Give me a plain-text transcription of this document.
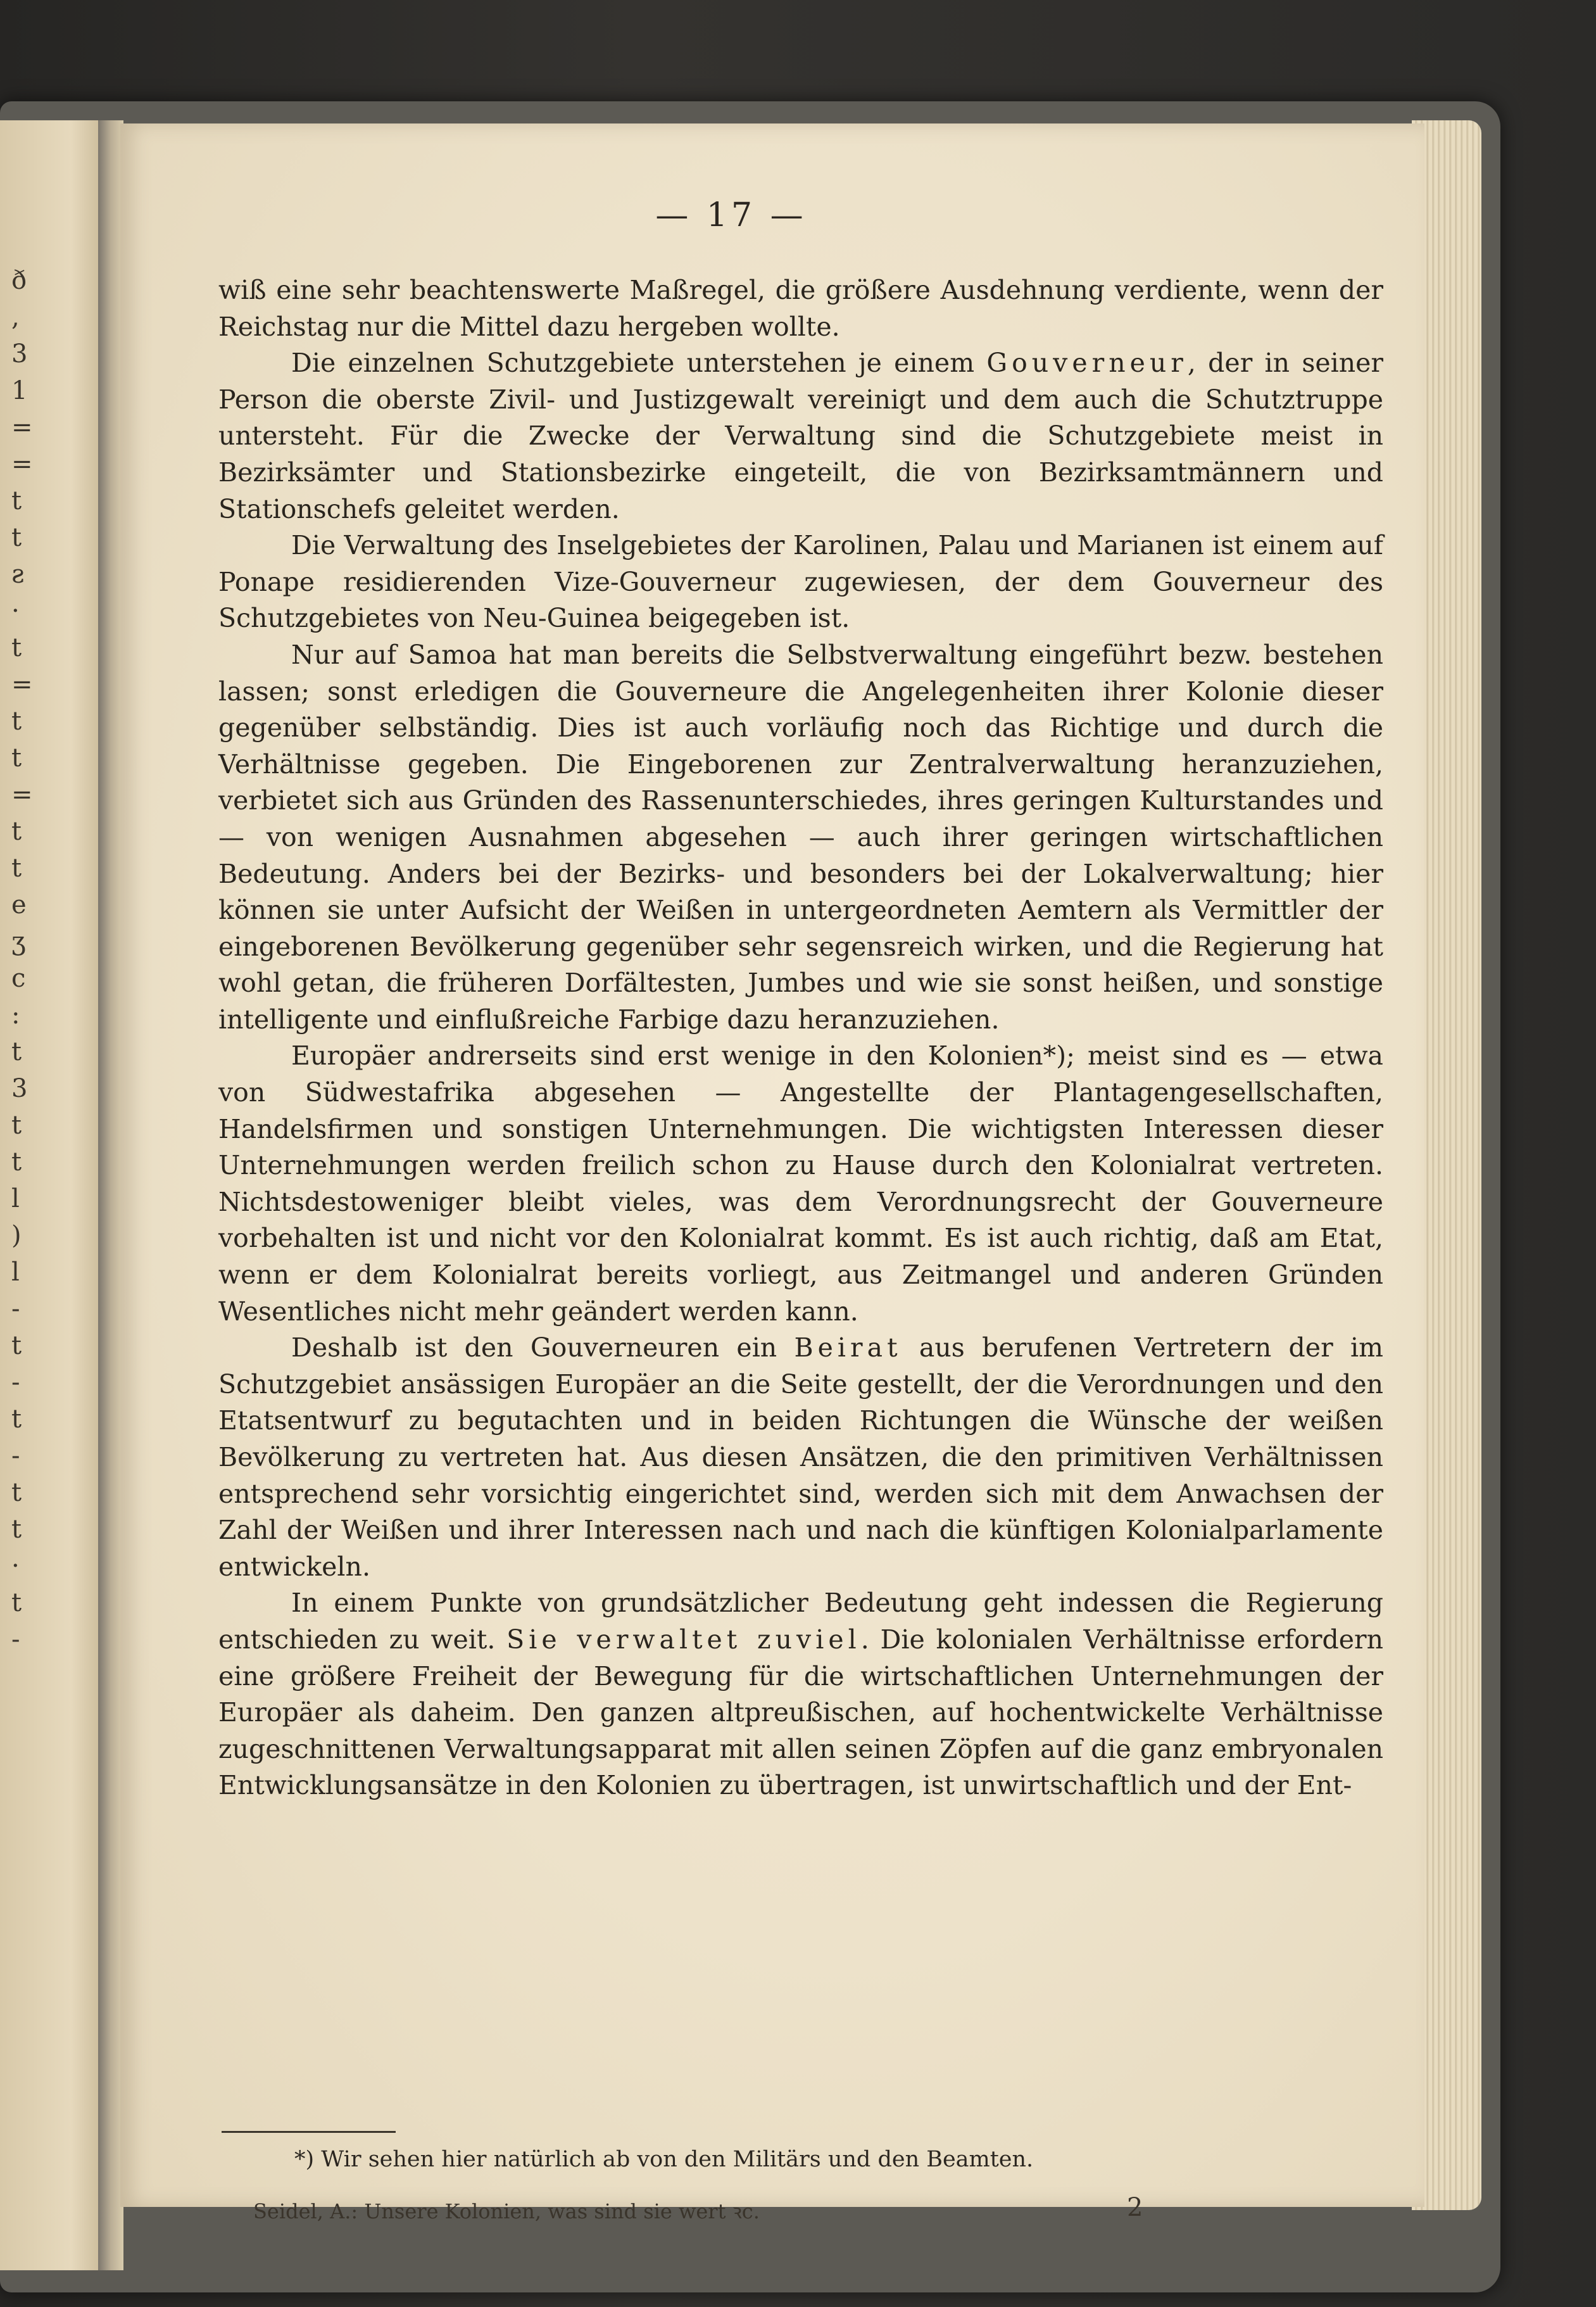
ð
,
3
1
=
=
t
t
ƨ
·
t
=
t
t
=
t
t
e
ʒ
c
:
t
3
t
t
l
)
l
-
t
-
t
-
t
t
·
t
-
— 17 —

wiß eine sehr beachtenswerte Maßregel, die größere Ausdehnung verdiente, wenn der Reichstag nur die Mittel dazu hergeben wollte.

Die einzelnen Schutzgebiete unterstehen je einem Gouverneur, der in seiner Person die oberste Zivil- und Justizgewalt vereinigt und dem auch die Schutztruppe untersteht. Für die Zwecke der Verwaltung sind die Schutzgebiete meist in Bezirksämter und Stationsbezirke eingeteilt, die von Bezirksamtmännern und Stationschefs geleitet werden.

Die Verwaltung des Inselgebietes der Karolinen, Palau und Marianen ist einem auf Ponape residierenden Vize-Gouverneur zugewiesen, der dem Gouverneur des Schutzgebietes von Neu-Guinea beigegeben ist.

Nur auf Samoa hat man bereits die Selbstverwaltung eingeführt bezw. bestehen lassen; sonst erledigen die Gouverneure die Angelegenheiten ihrer Kolonie dieser gegenüber selbständig. Dies ist auch vorläufig noch das Richtige und durch die Verhältnisse gegeben. Die Eingeborenen zur Zentralverwaltung heranzuziehen, verbietet sich aus Gründen des Rassenunterschiedes, ihres geringen Kulturstandes und — von wenigen Ausnahmen abgesehen — auch ihrer geringen wirtschaftlichen Bedeutung. Anders bei der Bezirks- und besonders bei der Lokalverwaltung; hier können sie unter Aufsicht der Weißen in untergeordneten Aemtern als Vermittler der eingeborenen Bevölkerung gegenüber sehr segensreich wirken, und die Regierung hat wohl getan, die früheren Dorfältesten, Jumbes und wie sie sonst heißen, und sonstige intelligente und einflußreiche Farbige dazu heranzuziehen.

Europäer andrerseits sind erst wenige in den Kolonien*); meist sind es — etwa von Südwestafrika abgesehen — Angestellte der Plantagengesellschaften, Handelsfirmen und sonstigen Unternehmungen. Die wichtigsten Interessen dieser Unternehmungen werden freilich schon zu Hause durch den Kolonialrat vertreten. Nichtsdestoweniger bleibt vieles, was dem Verordnungsrecht der Gouverneure vorbehalten ist und nicht vor den Kolonialrat kommt. Es ist auch richtig, daß am Etat, wenn er dem Kolonialrat bereits vorliegt, aus Zeitmangel und anderen Gründen Wesentliches nicht mehr geändert werden kann.

Deshalb ist den Gouverneuren ein Beirat aus berufenen Vertretern der im Schutzgebiet ansässigen Europäer an die Seite gestellt, der die Verordnungen und den Etatsentwurf zu begutachten und in beiden Richtungen die Wünsche der weißen Bevölkerung zu vertreten hat. Aus diesen Ansätzen, die den primitiven Verhältnissen entsprechend sehr vorsichtig eingerichtet sind, werden sich mit dem Anwachsen der Zahl der Weißen und ihrer Interessen nach und nach die künftigen Kolonialparlamente entwickeln.

In einem Punkte von grundsätzlicher Bedeutung geht indessen die Regierung entschieden zu weit. Sie verwaltet zuviel. Die kolonialen Verhältnisse erfordern eine größere Freiheit der Bewegung für die wirtschaftlichen Unternehmungen der Europäer als daheim. Den ganzen altpreußischen, auf hochentwickelte Verhältnisse zugeschnittenen Verwaltungsapparat mit allen seinen Zöpfen auf die ganz embryonalen Entwicklungsansätze in den Kolonien zu übertragen, ist unwirtschaftlich und der Ent-

*) Wir sehen hier natürlich ab von den Militärs und den Beamten.
Seidel, A.: Unsere Kolonien, was sind sie wert ꝛc.	2
